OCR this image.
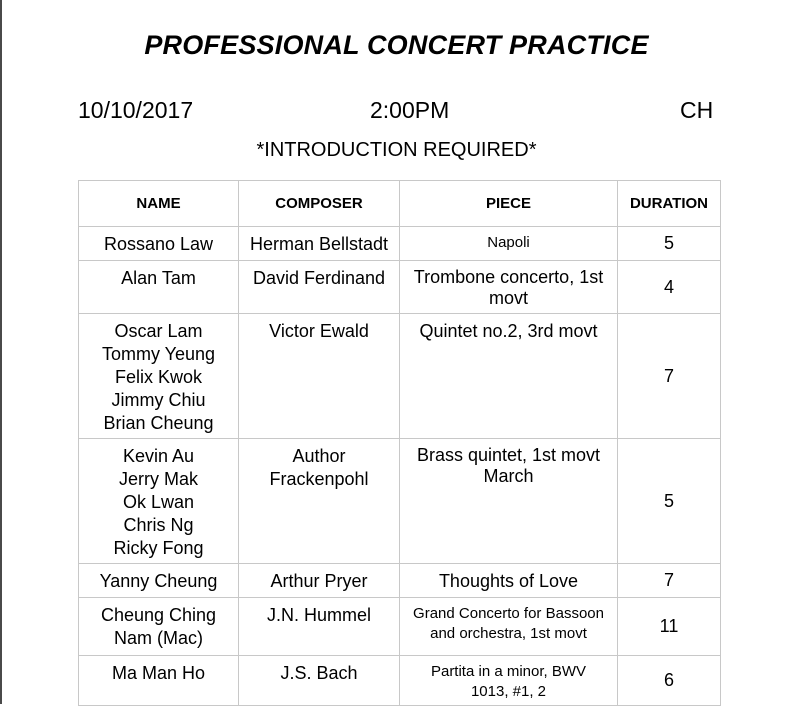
PROFESSIONAL CONCERT PRACTICE
10/10/2017	2:00PM	CH
*INTRODUCTION REQUIRED*
NAME	COMPOSER	PIECE	DURATION

Rossano Law	Herman Bellstadt	Napoli	5

Alan Tam	David Ferdinand	Trombone concerto, 1st
movt	4

Oscar Lam
Tommy Yeung
Felix Kwok
Jimmy Chiu
Brian Cheung	Victor Ewald	Quintet no.2, 3rd movt	7

Kevin Au
Jerry Mak
Ok Lwan
Chris Ng
Ricky Fong	Author
Frackenpohl	Brass quintet, 1st movt
March	5

Yanny Cheung	Arthur Pryer	Thoughts of Love	7

Cheung Ching
Nam (Mac)	J.N. Hummel	Grand Concerto for Bassoon
and orchestra, 1st movt	11

Ma Man Ho	J.S. Bach	Partita in a minor, BWV
1013, #1, 2	6
